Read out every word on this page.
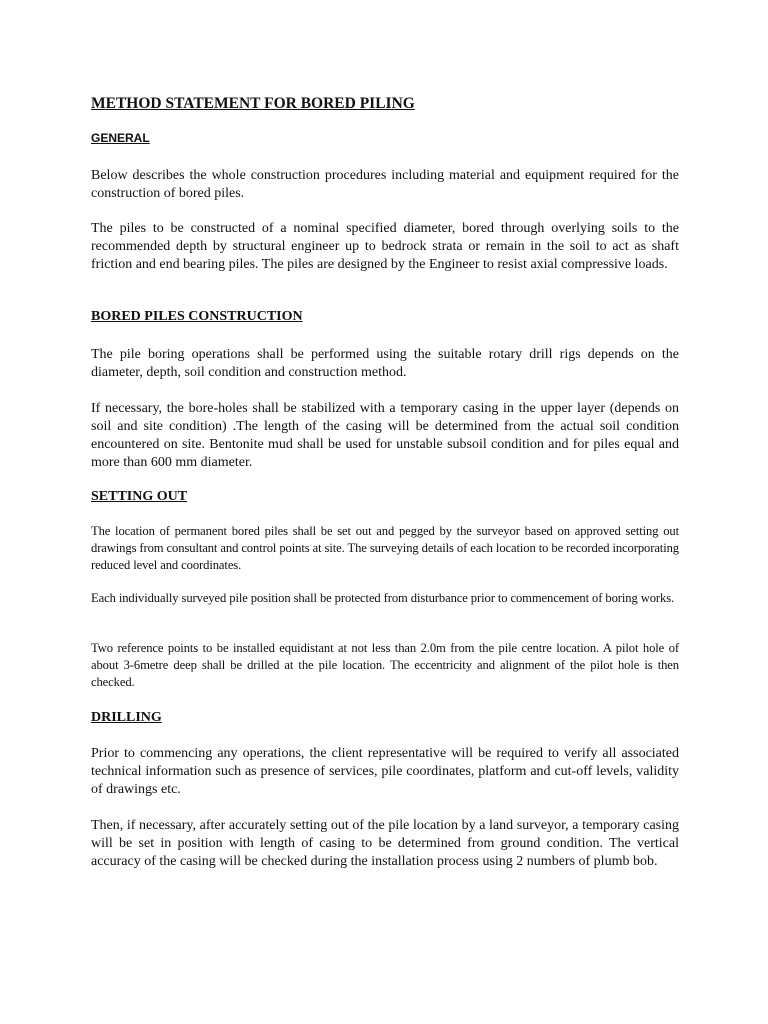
METHOD STATEMENT FOR BORED PILING
GENERAL

Below describes the whole construction procedures including material and equipment required for the construction of bored piles.

The piles to be constructed of a nominal specified diameter, bored through overlying soils to the recommended depth by structural engineer up to bedrock strata or remain in the soil to act as shaft friction and end bearing piles. The piles are designed by the Engineer to resist axial compressive loads.

BORED PILES CONSTRUCTION

The pile boring operations shall be performed using the suitable rotary drill rigs depends on the diameter, depth, soil condition and construction method.

If necessary, the bore-holes shall be stabilized with a temporary casing in the upper layer (depends on soil and site condition) .The length of the casing will be determined from the actual soil condition encountered on site. Bentonite mud shall be used for unstable subsoil condition and for piles equal and more than 600 mm diameter.

SETTING OUT

The location of permanent bored piles shall be set out and pegged by the surveyor based on approved setting out drawings from consultant and control points at site. The surveying details of each location to be recorded incorporating reduced level and coordinates.

Each individually surveyed pile position shall be protected from disturbance prior to commencement of boring works.

Two reference points to be installed equidistant at not less than 2.0m from the pile centre location. A pilot hole of about 3-6metre deep shall be drilled at the pile location. The eccentricity and alignment of the pilot hole is then checked.

DRILLING

Prior to commencing any operations, the client representative will be required to verify all associated technical information such as presence of services, pile coordinates, platform and cut-off levels, validity of drawings etc.

Then, if necessary, after accurately setting out of the pile location by a land surveyor, a temporary casing will be set in position with length of casing to be determined from ground condition. The vertical accuracy of the casing will be checked during the installation process using 2 numbers of plumb bob.
